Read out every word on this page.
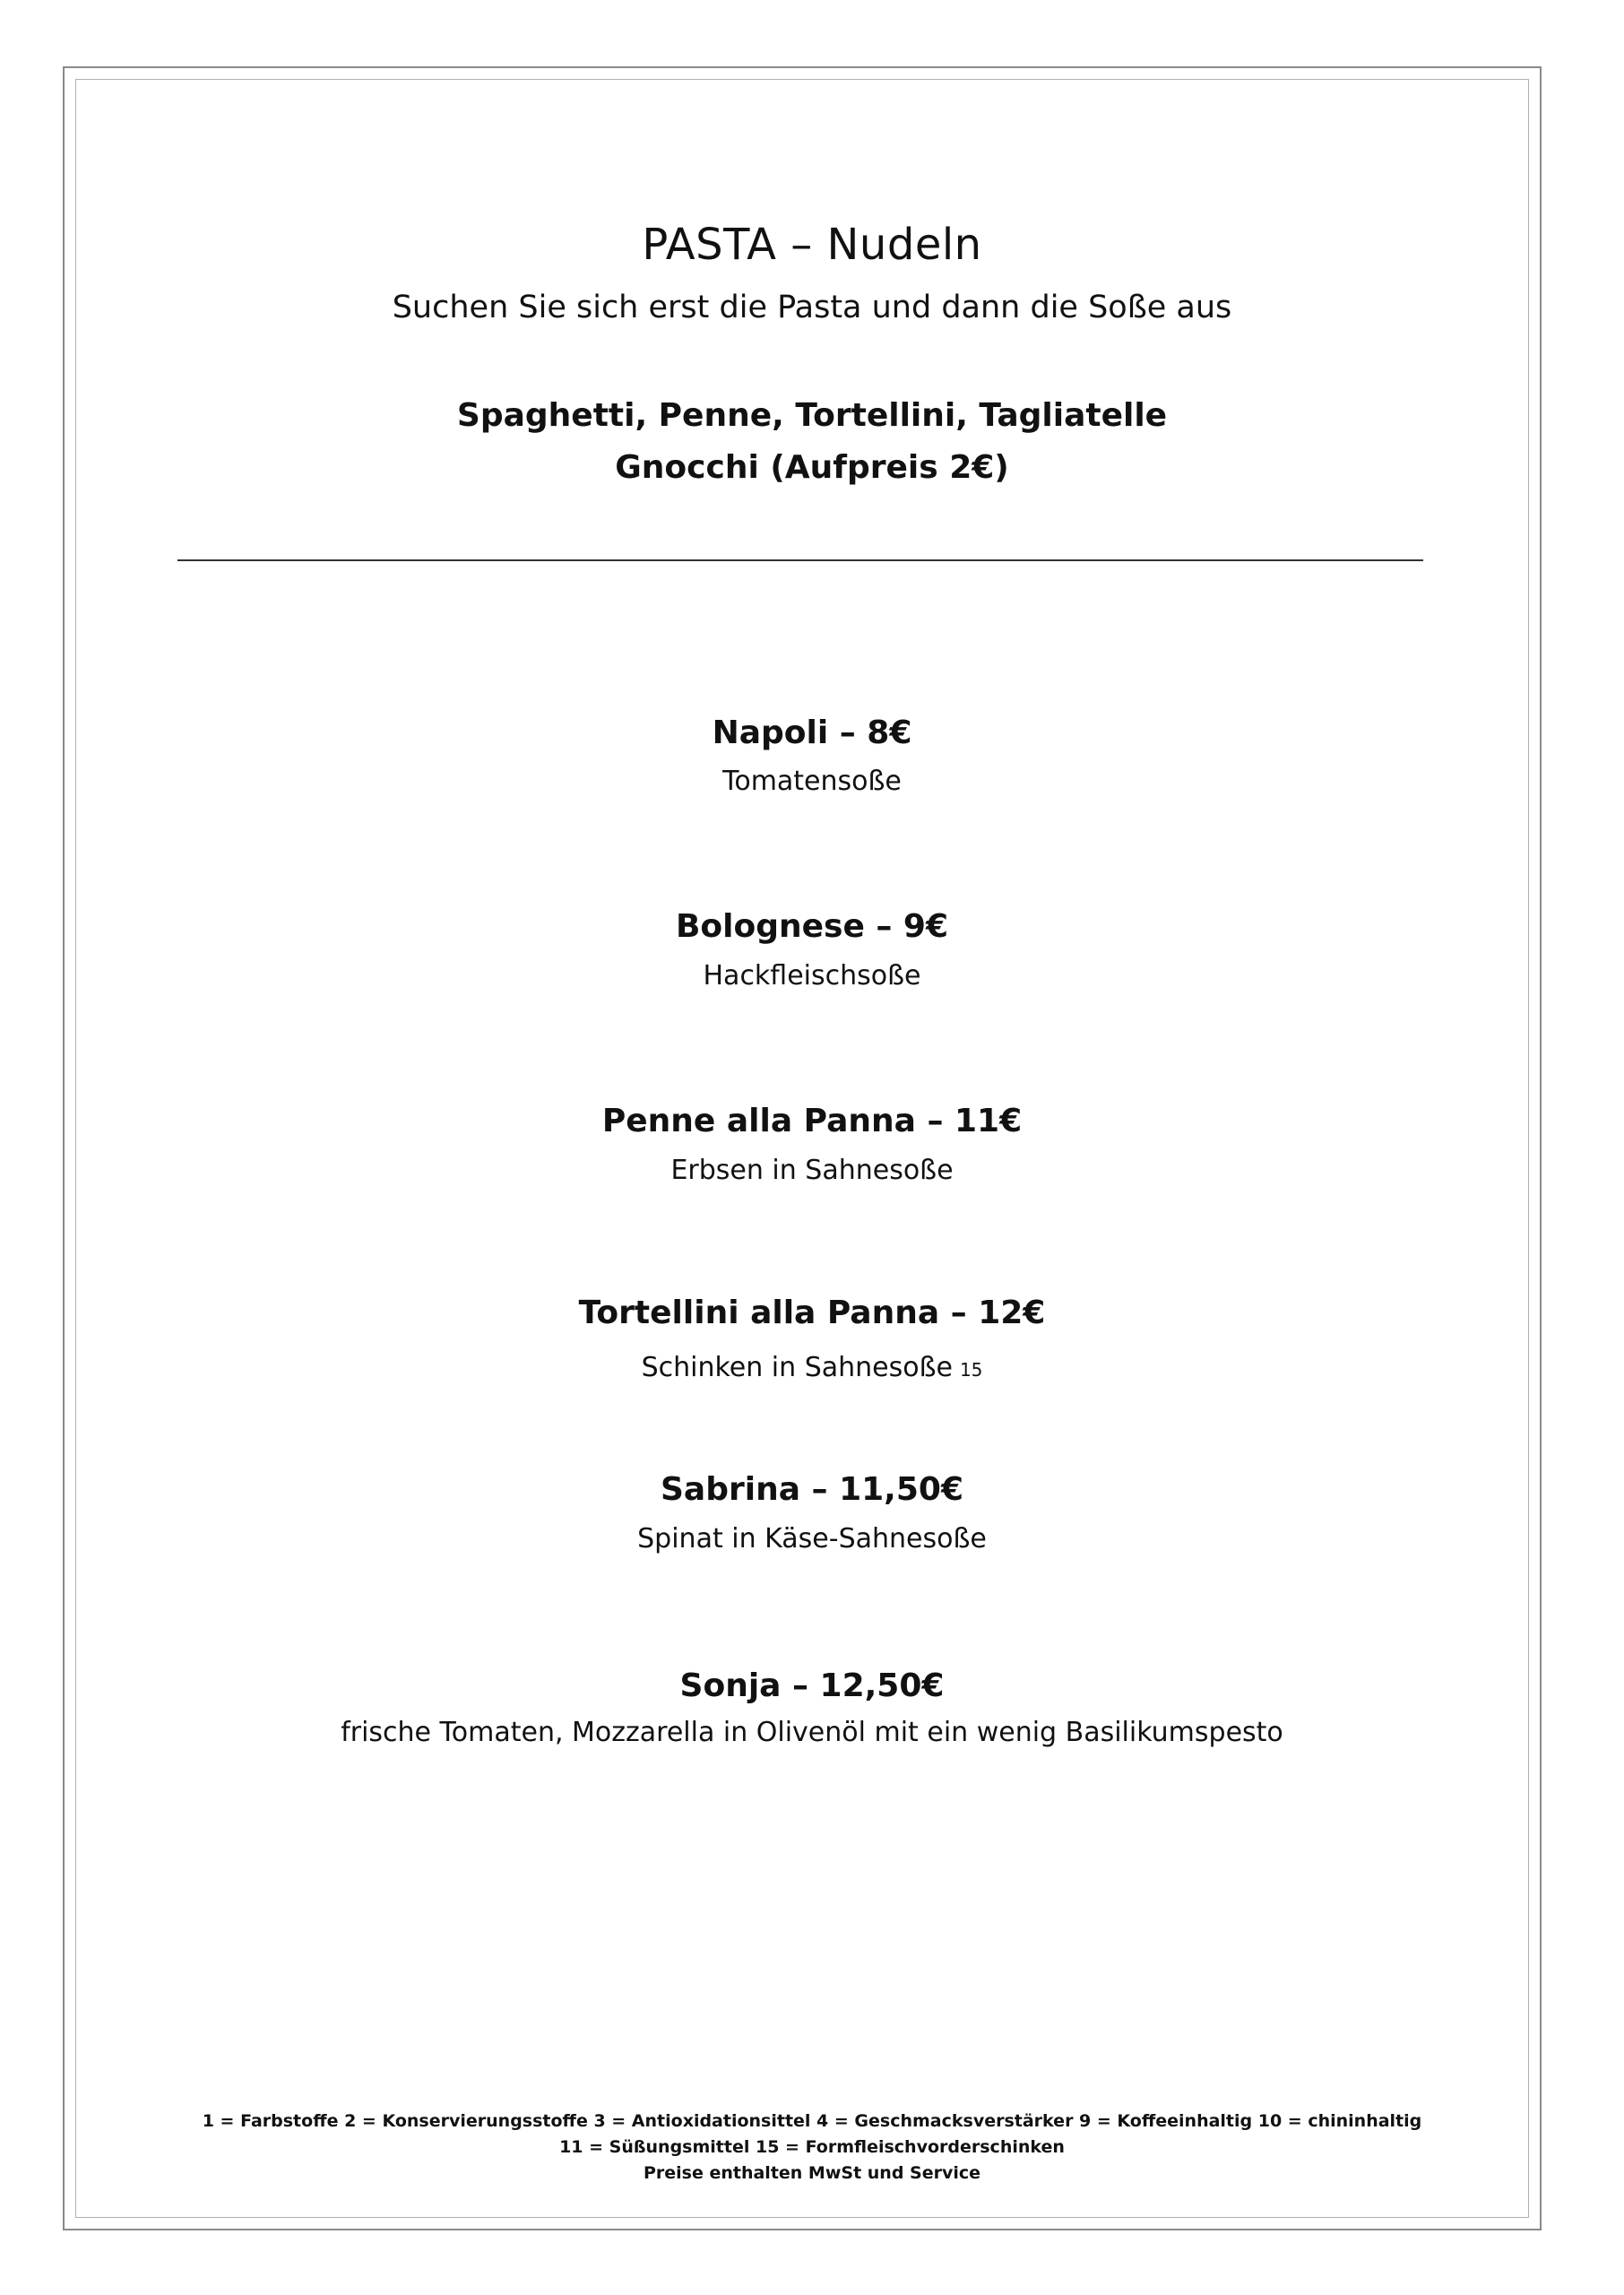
PASTA – Nudeln
Suchen Sie sich erst die Pasta und dann die Soße aus
Spaghetti, Penne, Tortellini, Tagliatelle
Gnocchi (Aufpreis 2€)
Napoli – 8€
Tomatensoße
Bolognese – 9€
Hackfleischsoße
Penne alla Panna – 11€
Erbsen in Sahnesoße
Tortellini alla Panna – 12€
Schinken in Sahnesoße 15
Sabrina – 11,50€
Spinat in Käse-Sahnesoße
Sonja – 12,50€
frische Tomaten, Mozzarella in Olivenöl mit ein wenig Basilikumspesto
1 = Farbstoffe 2 = Konservierungsstoffe 3 = Antioxidationsittel 4 = Geschmacksverstärker 9 = Koffeeinhaltig 10 = chininhaltig
11 = Süßungsmittel 15 = Formfleischvorderschinken
Preise enthalten MwSt und Service
